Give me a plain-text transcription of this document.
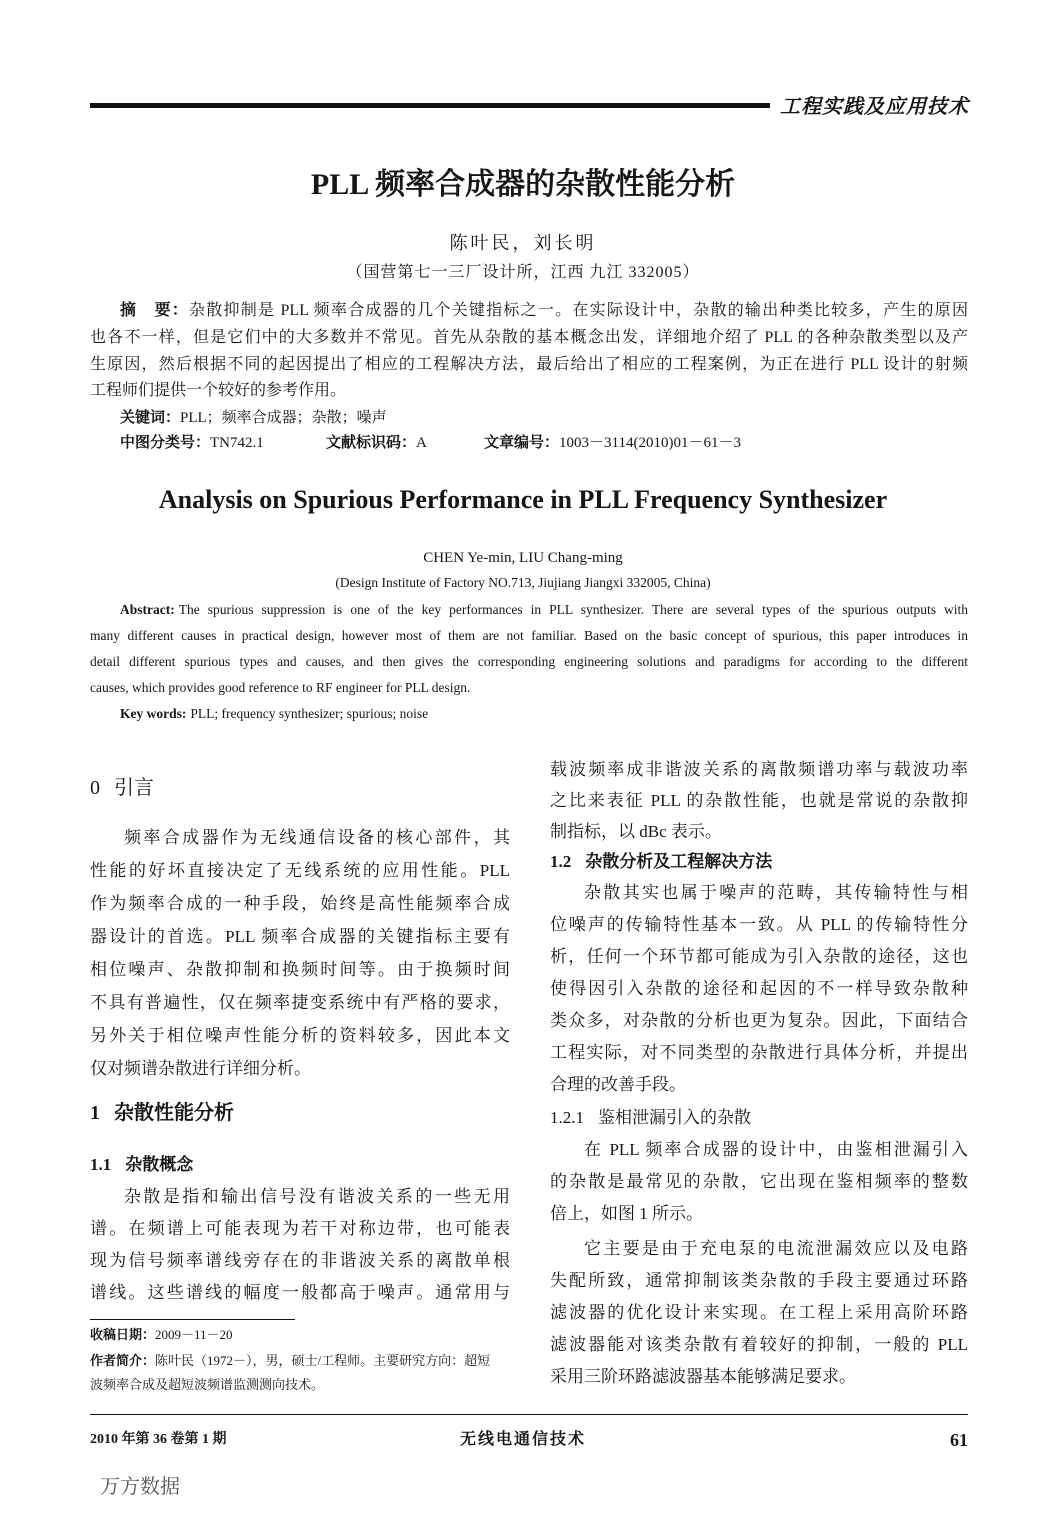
工程实践及应用技术
PLL 频率合成器的杂散性能分析
陈叶民，刘长明
（国营第七一三厂设计所，江西 九江 332005）
摘　要：杂散抑制是 PLL 频率合成器的几个关键指标之一。在实际设计中，杂散的输出种类比较多，产生的原因
也各不一样，但是它们中的大多数并不常见。首先从杂散的基本概念出发，详细地介绍了 PLL 的各种杂散类型以及产
生原因，然后根据不同的起因提出了相应的工程解决方法，最后给出了相应的工程案例，为正在进行 PLL 设计的射频
工程师们提供一个较好的参考作用。
关键词：PLL；频率合成器；杂散；噪声
中图分类号：TN742.1	文献标识码：A	文章编号：1003－3114(2010)01－61－3
Analysis on Spurious Performance in PLL Frequency Synthesizer
CHEN Ye-min, LIU Chang-ming
(Design Institute of Factory NO.713, Jiujiang Jiangxi 332005, China)
Abstract: The spurious suppression is one of the key performances in PLL synthesizer. There are several types of the spurious outputs with
many different causes in practical design, however most of them are not familiar. Based on the basic concept of spurious, this paper introduces in
detail different spurious types and causes, and then gives the corresponding engineering solutions and paradigms for according to the different
causes, which provides good reference to RF engineer for PLL design.
Key words: PLL; frequency synthesizer; spurious; noise
0 引言
频率合成器作为无线通信设备的核心部件，其
性能的好坏直接决定了无线系统的应用性能。PLL
作为频率合成的一种手段，始终是高性能频率合成
器设计的首选。PLL 频率合成器的关键指标主要有
相位噪声、杂散抑制和换频时间等。由于换频时间
不具有普遍性，仅在频率捷变系统中有严格的要求，
另外关于相位噪声性能分析的资料较多，因此本文
仅对频谱杂散进行详细分析。
1 杂散性能分析
1.1 杂散概念
杂散是指和输出信号没有谐波关系的一些无用
谱。在频谱上可能表现为若干对称边带，也可能表
现为信号频率谱线旁存在的非谐波关系的离散单根
谱线。这些谱线的幅度一般都高于噪声。通常用与
收稿日期：2009－11－20
作者简介：陈叶民（1972－），男，硕士/工程师。主要研究方向：超短
波频率合成及超短波频谱监测测向技术。
载波频率成非谐波关系的离散频谱功率与载波功率
之比来表征 PLL 的杂散性能，也就是常说的杂散抑
制指标，以 dBc 表示。
1.2 杂散分析及工程解决方法
杂散其实也属于噪声的范畴，其传输特性与相
位噪声的传输特性基本一致。从 PLL 的传输特性分
析，任何一个环节都可能成为引入杂散的途径，这也
使得因引入杂散的途径和起因的不一样导致杂散种
类众多，对杂散的分析也更为复杂。因此，下面结合
工程实际，对不同类型的杂散进行具体分析，并提出
合理的改善手段。
1.2.1 鉴相泄漏引入的杂散
在 PLL 频率合成器的设计中，由鉴相泄漏引入
的杂散是最常见的杂散，它出现在鉴相频率的整数
倍上，如图 1 所示。
它主要是由于充电泵的电流泄漏效应以及电路
失配所致，通常抑制该类杂散的手段主要通过环路
滤波器的优化设计来实现。在工程上采用高阶环路
滤波器能对该类杂散有着较好的抑制，一般的 PLL
采用三阶环路滤波器基本能够满足要求。
2010 年第 36 卷第 1 期	无线电通信技术	61
万方数据
